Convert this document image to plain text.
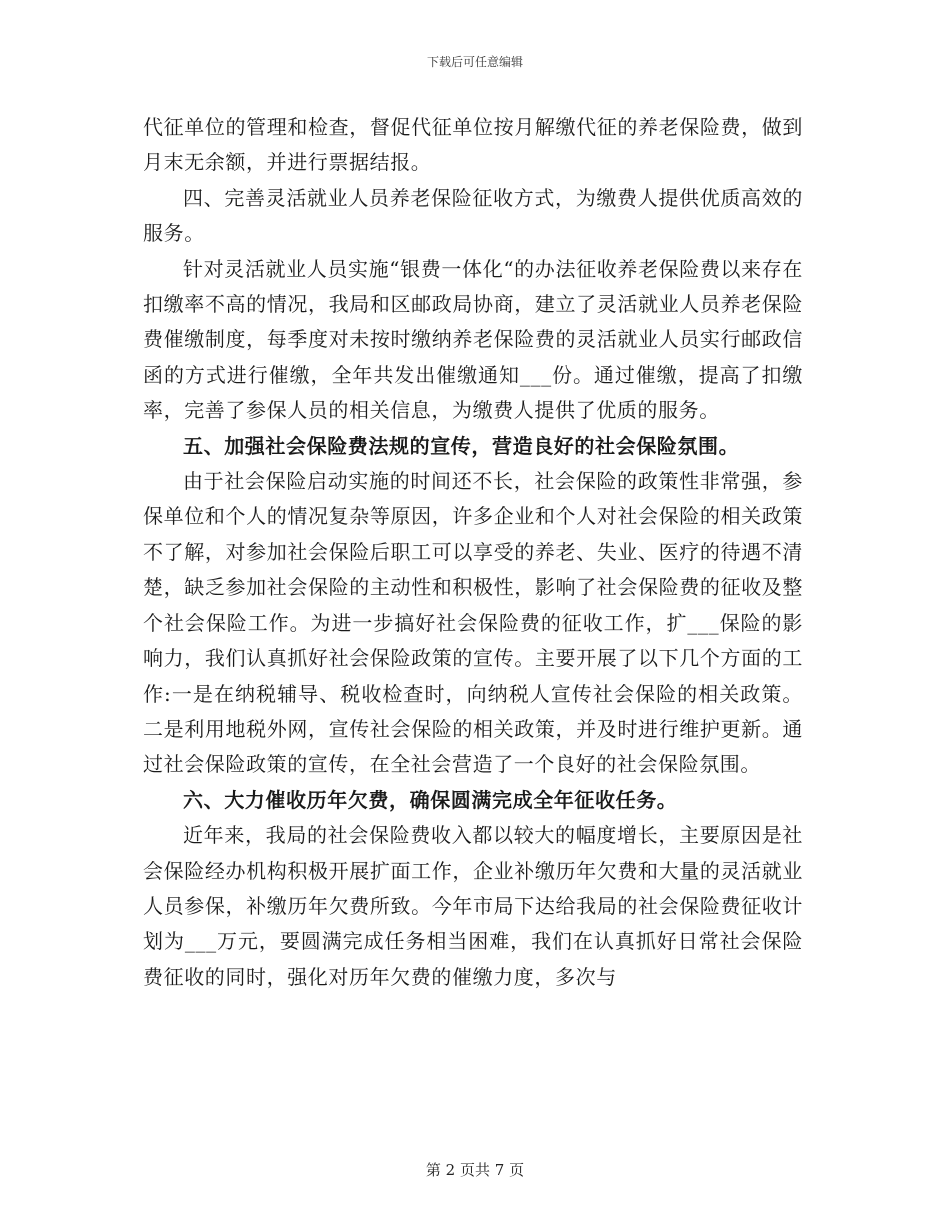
下载后可任意编辑

代征单位的管理和检查，督促代征单位按月解缴代征的养老保险费，做到月末无余额，并进行票据结报。

四、完善灵活就业人员养老保险征收方式，为缴费人提供优质高效的服务。

针对灵活就业人员实施“银费一体化“的办法征收养老保险费以来存在扣缴率不高的情况，我局和区邮政局协商，建立了灵活就业人员养老保险费催缴制度，每季度对未按时缴纳养老保险费的灵活就业人员实行邮政信函的方式进行催缴，全年共发出催缴通知___份。通过催缴，提高了扣缴率，完善了参保人员的相关信息，为缴费人提供了优质的服务。

五、加强社会保险费法规的宣传，营造良好的社会保险氛围。

由于社会保险启动实施的时间还不长，社会保险的政策性非常强，参保单位和个人的情况复杂等原因，许多企业和个人对社会保险的相关政策不了解，对参加社会保险后职工可以享受的养老、失业、医疗的待遇不清楚，缺乏参加社会保险的主动性和积极性，影响了社会保险费的征收及整个社会保险工作。为进一步搞好社会保险费的征收工作，扩___保险的影响力，我们认真抓好社会保险政策的宣传。主要开展了以下几个方面的工作:一是在纳税辅导、税收检查时，向纳税人宣传社会保险的相关政策。二是利用地税外网，宣传社会保险的相关政策，并及时进行维护更新。通过社会保险政策的宣传，在全社会营造了一个良好的社会保险氛围。

六、大力催收历年欠费，确保圆满完成全年征收任务。

近年来，我局的社会保险费收入都以较大的幅度增长，主要原因是社会保险经办机构积极开展扩面工作，企业补缴历年欠费和大量的灵活就业人员参保，补缴历年欠费所致。今年市局下达给我局的社会保险费征收计划为___万元，要圆满完成任务相当困难，我们在认真抓好日常社会保险费征收的同时，强化对历年欠费的催缴力度，多次与

第 2 页共 7 页
